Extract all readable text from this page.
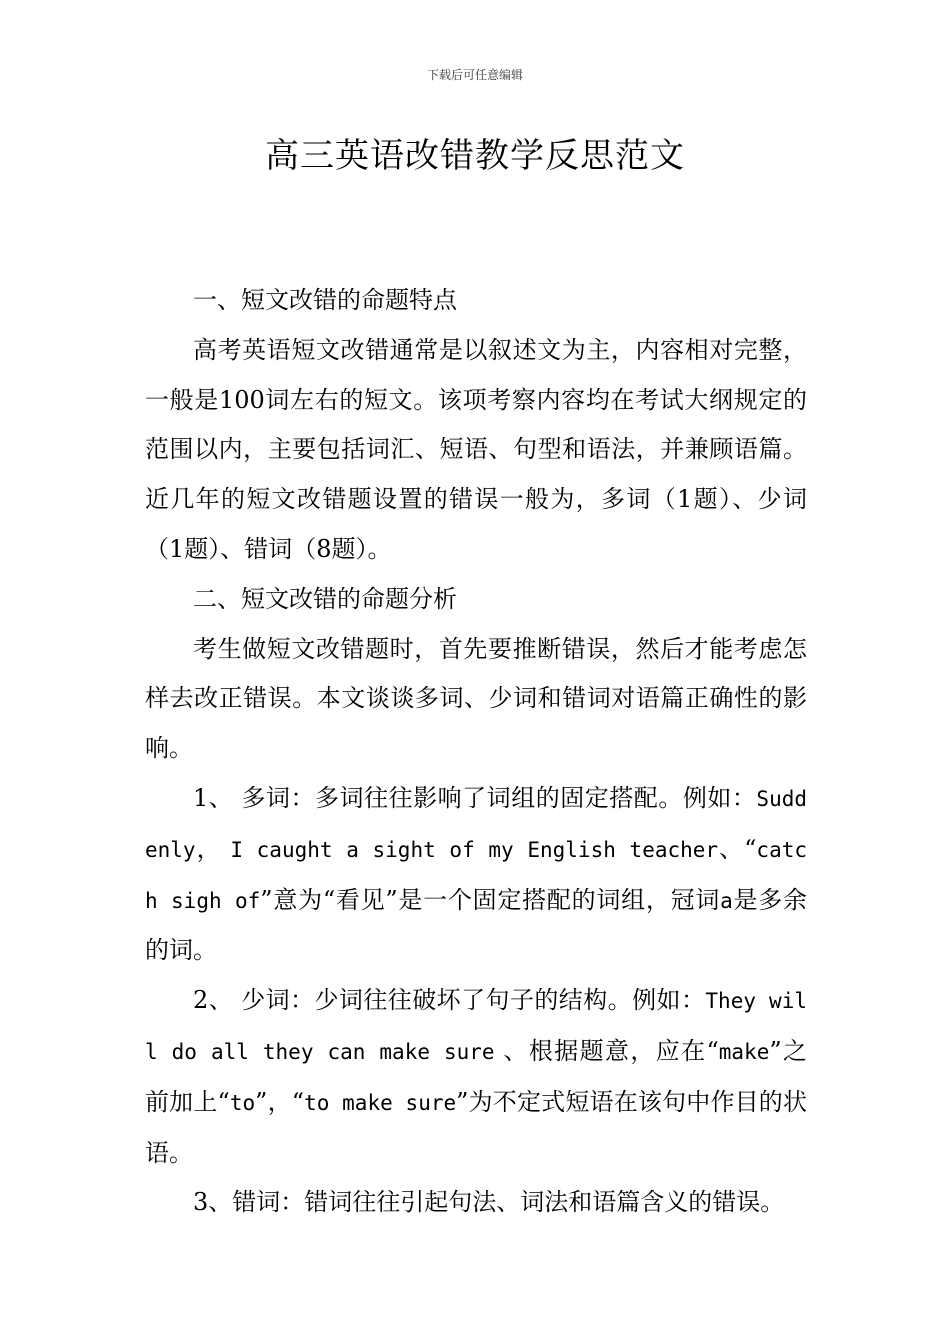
下载后可任意编辑
高三英语改错教学反思范文

一、短文改错的命题特点

高考英语短文改错通常是以叙述文为主，内容相对完整，一般是100词左右的短文。该项考察内容均在考试大纲规定的范围以内，主要包括词汇、短语、句型和语法，并兼顾语篇。近几年的短文改错题设置的错误一般为，多词（1题）、少词（1题）、错词（8题）。

二、短文改错的命题分析

考生做短文改错题时，首先要推断错误，然后才能考虑怎样去改正错误。本文谈谈多词、少词和错词对语篇正确性的影响。

1、 多词：多词往往影响了词组的固定搭配。例如：Suddenly， I caught a sight of my English teacher、“catch sigh of”意为“看见”是一个固定搭配的词组，冠词a是多余的词。

2、 少词：少词往往破坏了句子的结构。例如：They will do all they can make sure 、根据题意，应在“make”之前加上“to”，“to make sure”为不定式短语在该句中作目的状语。

3、错词：错词往往引起句法、词法和语篇含义的错误。
